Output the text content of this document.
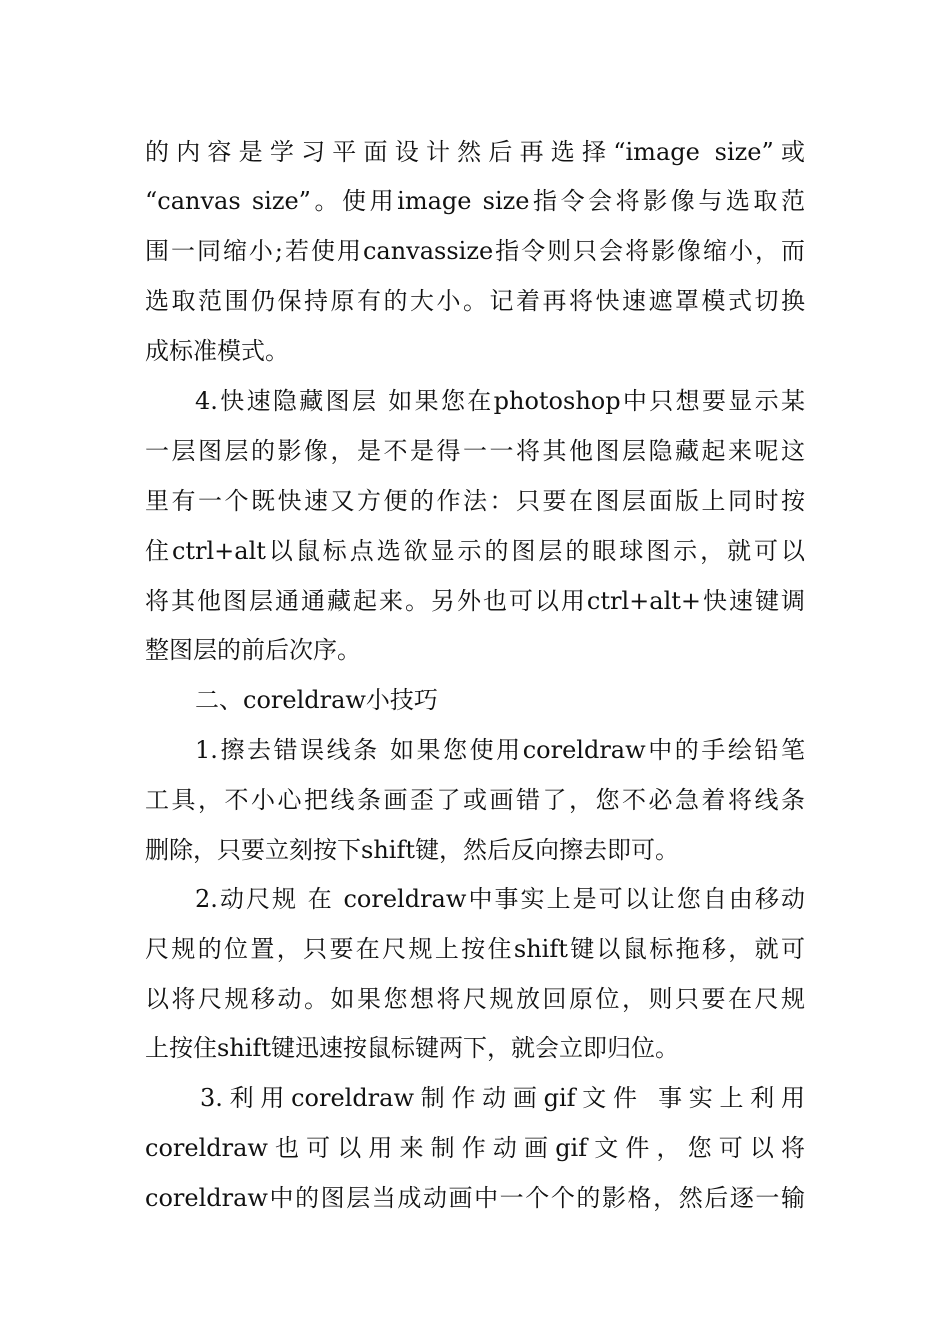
的内容是学习平面设计然后再选择“image size”或
“canvas size”。使用image size指令会将影像与选取范
围一同缩小;若使用canvassize指令则只会将影像缩小，而
选取范围仍保持原有的大小。记着再将快速遮罩模式切换
成标准模式。
4.快速隐藏图层 如果您在photoshop中只想要显示某
一层图层的影像，是不是得一一将其他图层隐藏起来呢这
里有一个既快速又方便的作法：只要在图层面版上同时按
住ctrl+alt以鼠标点选欲显示的图层的眼球图示，就可以
将其他图层通通藏起来。另外也可以用ctrl+alt+快速键调
整图层的前后次序。
二、coreldraw小技巧
1.擦去错误线条 如果您使用coreldraw中的手绘铅笔
工具，不小心把线条画歪了或画错了，您不必急着将线条
删除，只要立刻按下shift键，然后反向擦去即可。
2.动尺规 在 coreldraw中事实上是可以让您自由移动
尺规的位置，只要在尺规上按住shift键以鼠标拖移，就可
以将尺规移动。如果您想将尺规放回原位，则只要在尺规
上按住shift键迅速按鼠标键两下，就会立即归位。
3.利用coreldraw制作动画gif文件 事实上利用
coreldraw也可以用来制作动画gif文件，您可以将
coreldraw中的图层当成动画中一个个的影格，然后逐一输
